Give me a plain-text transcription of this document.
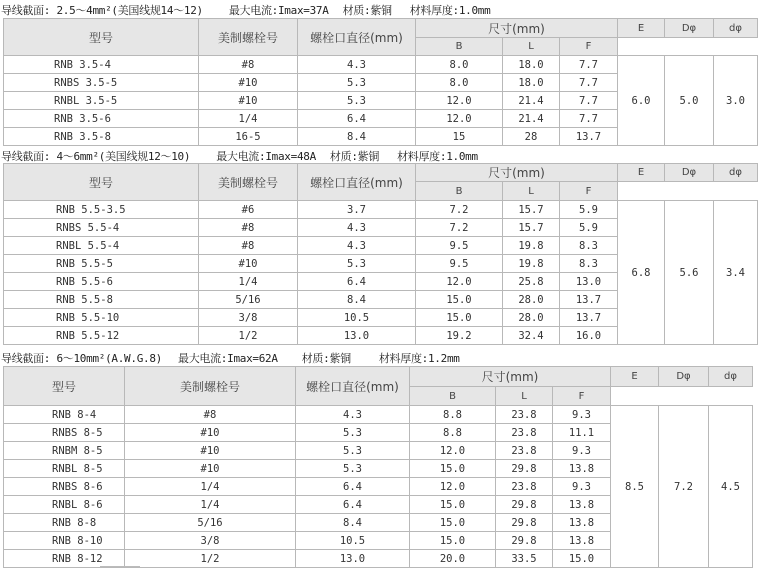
导线截面: 2.5～4mm²(美国线规14～12) 最大电流:Imax=37A 材质:紫铜 材料厚度:1.0mm
导线截面: 4～6mm²(美国线规12～10) 最大电流:Imax=48A 材质:紫铜 材料厚度:1.0mm
导线截面: 6～10mm²(A.W.G.8) 最大电流:Imax=62A 材质:紫铜	材料厚度:1.2mm
型号	美制螺栓号	螺栓口直径(mm)	尺寸(mm)			E	Dφ	dφ
			B	L	F			
RNB 3.5-4	#8	4.3	8.0	18.0	7.7	6.0	5.0	3.0
RNBS 3.5-5	#10	5.3	8.0	18.0	7.7			
RNBL 3.5-5	#10	5.3	12.0	21.4	7.7			
RNB 3.5-6	1/4	6.4	12.0	21.4	7.7			
RNB 3.5-8	16-5	8.4	15	28	13.7			
型号	美制螺栓号	螺栓口直径(mm)	尺寸(mm)			E	Dφ	dφ
			B	L	F			
RNB 5.5-3.5	#6	3.7	7.2	15.7	5.9	6.8	5.6	3.4
RNBS 5.5-4	#8	4.3	7.2	15.7	5.9			
RNBL 5.5-4	#8	4.3	9.5	19.8	8.3			
RNB 5.5-5	#10	5.3	9.5	19.8	8.3			
RNB 5.5-6	1/4	6.4	12.0	25.8	13.0			
RNB 5.5-8	5/16	8.4	15.0	28.0	13.7			
RNB 5.5-10	3/8	10.5	15.0	28.0	13.7			
RNB 5.5-12	1/2	13.0	19.2	32.4	16.0			
型号	美制螺栓号	螺栓口直径(mm)	尺寸(mm)			E	Dφ	dφ
			B	L	F			
RNB 8-4	#8	4.3	8.8	23.8	9.3	8.5	7.2	4.5
RNBS 8-5	#10	5.3	8.8	23.8	11.1			
RNBM 8-5	#10	5.3	12.0	23.8	9.3			
RNBL 8-5	#10	5.3	15.0	29.8	13.8			
RNBS 8-6	1/4	6.4	12.0	23.8	9.3			
RNBL 8-6	1/4	6.4	15.0	29.8	13.8			
RNB 8-8	5/16	8.4	15.0	29.8	13.8			
RNB 8-10	3/8	10.5	15.0	29.8	13.8			
RNB 8-12	1/2	13.0	20.0	33.5	15.0			
